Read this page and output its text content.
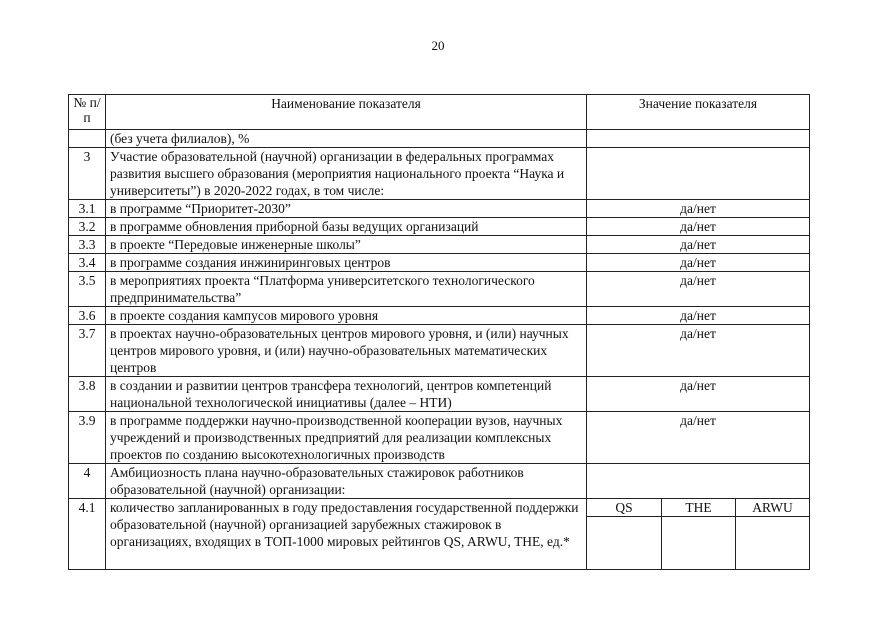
20
№ п/п	Наименование показателя	Значение показателя		
	(без учета филиалов), %			
3	Участие образовательной (научной) организации в федеральных программах развития высшего образования (мероприятия национального проекта “Наука и университеты”) в 2020-2022 годах, в том числе:			
3.1	в программе “Приоритет-2030”	да/нет		
3.2	в программе обновления приборной базы ведущих организаций	да/нет		
3.3	в проекте “Передовые инженерные школы”	да/нет		
3.4	в программе создания инжиниринговых центров	да/нет		
3.5	в мероприятиях проекта “Платформа университетского технологического предпринимательства”	да/нет		
3.6	в проекте создания кампусов мирового уровня	да/нет		
3.7	в проектах научно-образовательных центров мирового уровня, и (или) научных центров мирового уровня, и (или) научно-образовательных математических центров	да/нет		
3.8	в создании и развитии центров трансфера технологий, центров компетенций национальной технологической инициативы (далее – НТИ)	да/нет		
3.9	в программе поддержки научно-производственной кооперации вузов, научных учреждений и производственных предприятий для реализации комплексных проектов по созданию высокотехнологичных производств	да/нет		
4	Амбициозность плана научно-образовательных стажировок работников образовательной (научной) организации:			
4.1	количество запланированных в году предоставления государственной поддержки образовательной (научной) организацией зарубежных стажировок в организациях, входящих в ТОП-1000 мировых рейтингов QS, ARWU, THE, ед.*	QS	THE	ARWU
